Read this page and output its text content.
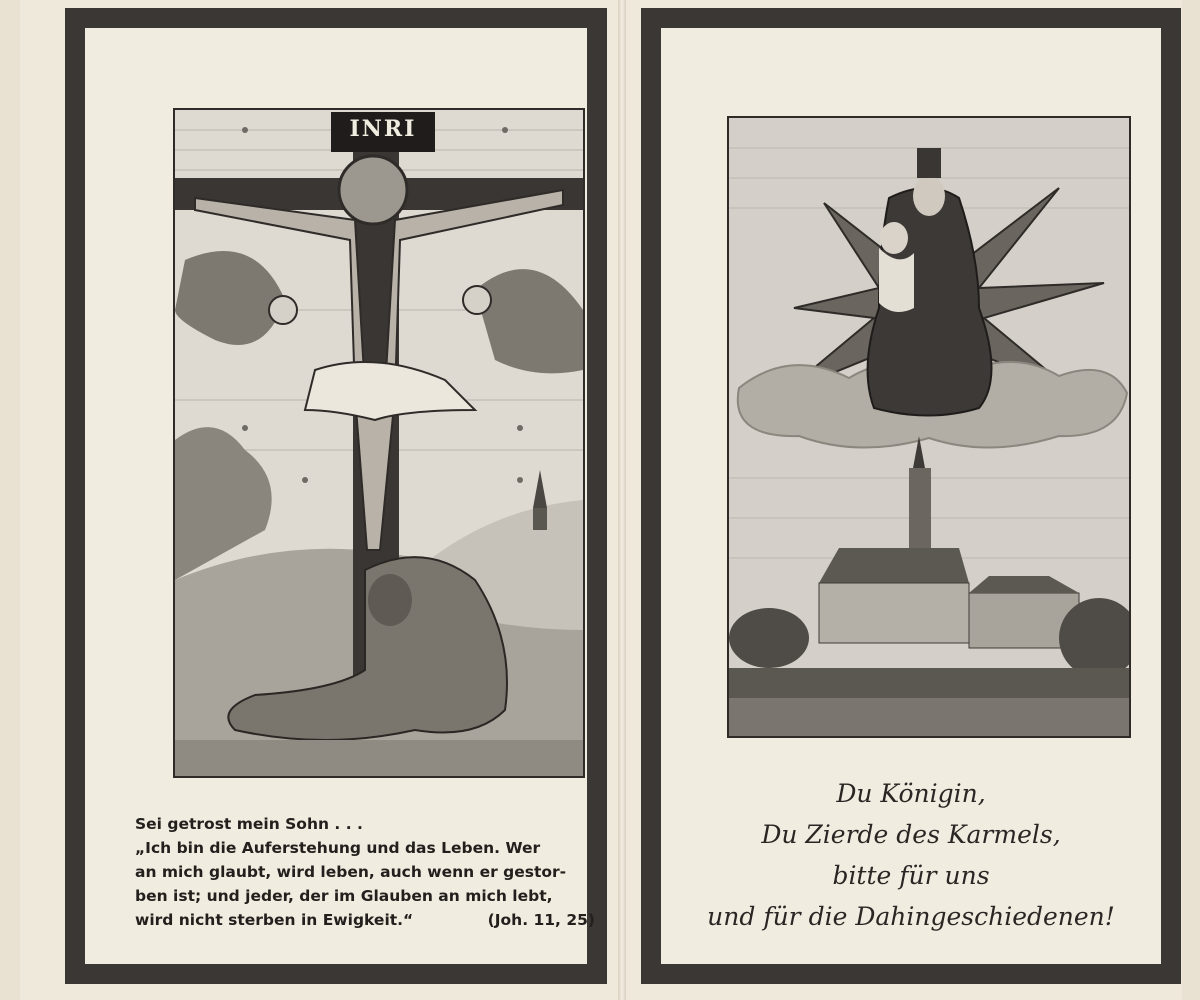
INRI
Sei getrost mein Sohn . . .
„Ich bin die Auferstehung und das Leben. Wer
an mich glaubt, wird leben, auch wenn er gestor-
ben ist; und jeder, der im Glauben an mich lebt,
wird nicht sterben in Ewigkeit.“	(Joh. 11, 25)
Du Königin,
Du Zierde des Karmels,
bitte für uns
und für die Dahingeschiedenen!
